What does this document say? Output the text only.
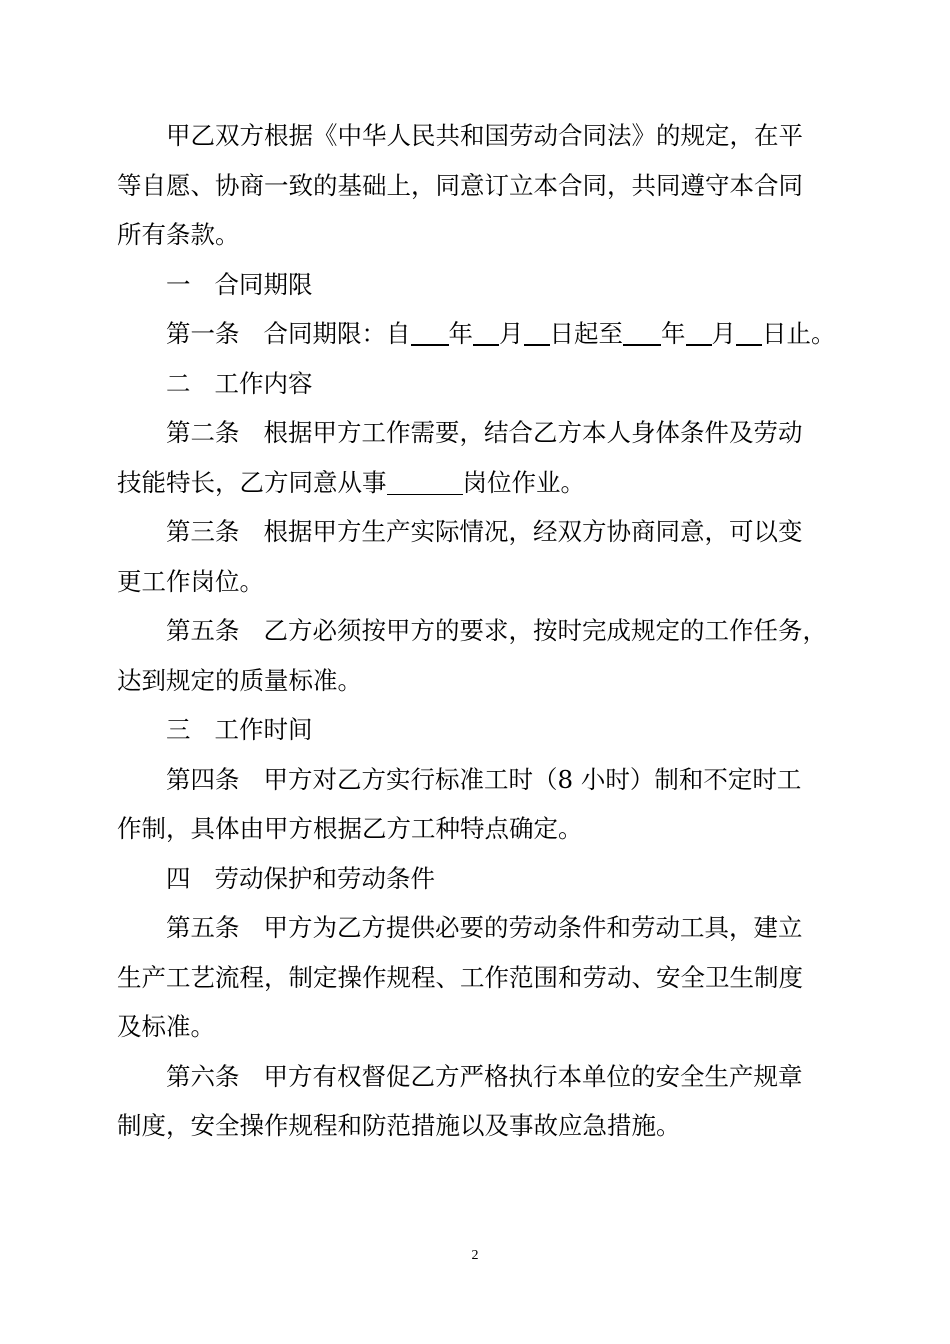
甲乙双方根据《中华人民共和国劳动合同法》的规定，在平
等自愿、协商一致的基础上，同意订立本合同，共同遵守本合同
所有条款。
一 合同期限
第一条 合同期限：自 年 月 日起至 年 月 日止。
二 工作内容
第二条 根据甲方工作需要，结合乙方本人身体条件及劳动
技能特长，乙方同意从事	岗位作业。
第三条 根据甲方生产实际情况，经双方协商同意，可以变
更工作岗位。
第五条 乙方必须按甲方的要求，按时完成规定的工作任务，
达到规定的质量标准。
三 工作时间
第四条 甲方对乙方实行标准工时（8 小时）制和不定时工
作制，具体由甲方根据乙方工种特点确定。
四 劳动保护和劳动条件
第五条 甲方为乙方提供必要的劳动条件和劳动工具，建立
生产工艺流程，制定操作规程、工作范围和劳动、安全卫生制度
及标准。
第六条 甲方有权督促乙方严格执行本单位的安全生产规章
制度，安全操作规程和防范措施以及事故应急措施。
2
